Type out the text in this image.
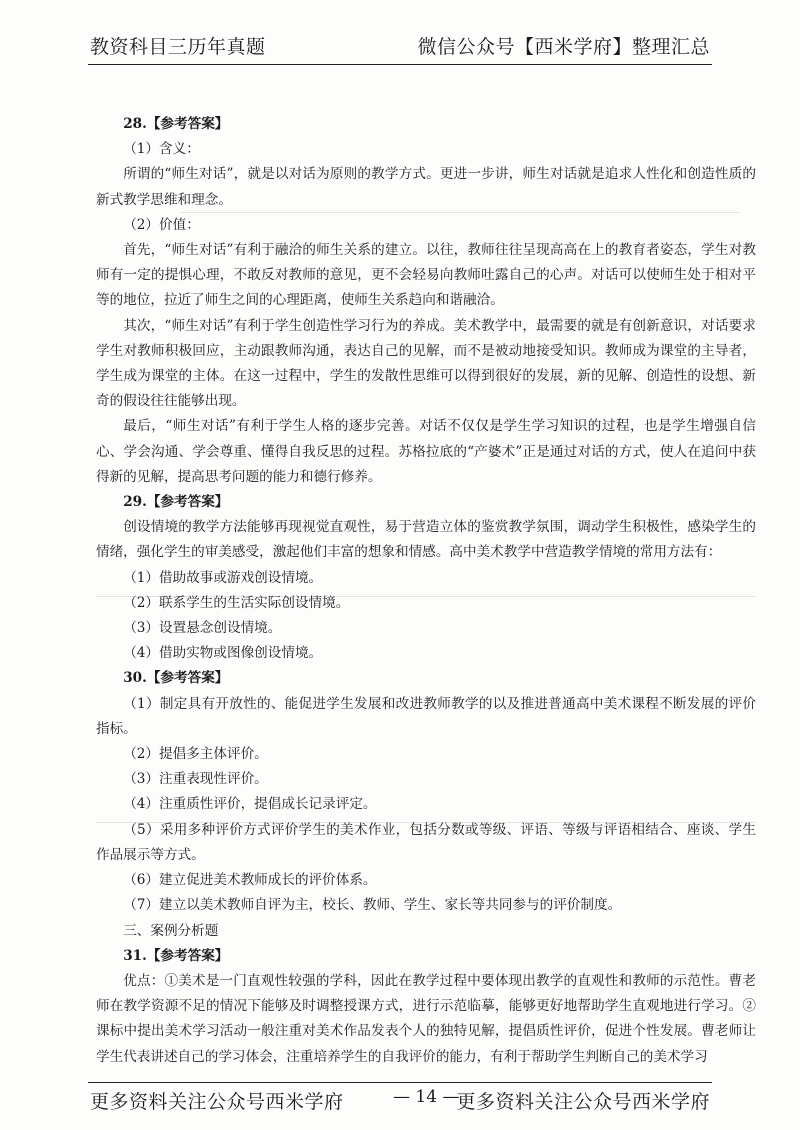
教资科目三历年真题	微信公众号【西米学府】整理汇总

28.【参考答案】

（1）含义：

所谓的“师生对话”，就是以对话为原则的教学方式。更进一步讲，师生对话就是追求人性化和创造性质的新式教学思维和理念。

（2）价值：

首先，“师生对话”有利于融洽的师生关系的建立。以往，教师往往呈现高高在上的教育者姿态，学生对教师有一定的提惧心理，不敢反对教师的意见，更不会轻易向教师吐露自己的心声。对话可以使师生处于相对平等的地位，拉近了师生之间的心理距离，使师生关系趋向和谐融洽。

其次，“师生对话”有利于学生创造性学习行为的养成。美术教学中，最需要的就是有创新意识，对话要求学生对教师积极回应，主动跟教师沟通，表达自己的见解，而不是被动地接受知识。教师成为课堂的主导者，学生成为课堂的主体。在这一过程中，学生的发散性思维可以得到很好的发展，新的见解、创造性的设想、新奇的假设往往能够出现。

最后，“师生对话”有利于学生人格的逐步完善。对话不仅仅是学生学习知识的过程，也是学生增强自信心、学会沟通、学会尊重、懂得自我反思的过程。苏格拉底的“产婆术”正是通过对话的方式，使人在追问中获得新的见解，提高思考问题的能力和德行修养。

29.【参考答案】

创设情境的教学方法能够再现视觉直观性，易于营造立体的鉴赏教学氛围，调动学生积极性，感染学生的情绪，强化学生的审美感受，激起他们丰富的想象和情感。高中美术教学中营造教学情境的常用方法有：

（1）借助故事或游戏创设情境。

（2）联系学生的生活实际创设情境。

（3）设置悬念创设情境。

（4）借助实物或图像创设情境。

30.【参考答案】

（1）制定具有开放性的、能促进学生发展和改进教师教学的以及推进普通高中美术课程不断发展的评价指标。

（2）提倡多主体评价。

（3）注重表现性评价。

（4）注重质性评价，提倡成长记录评定。

（5）采用多种评价方式评价学生的美术作业，包括分数或等级、评语、等级与评语相结合、座谈、学生作品展示等方式。

（6）建立促进美术教师成长的评价体系。

（7）建立以美术教师自评为主，校长、教师、学生、家长等共同参与的评价制度。

三、案例分析题

31.【参考答案】

优点：①美术是一门直观性较强的学科，因此在教学过程中要体现出教学的直观性和教师的示范性。曹老师在教学资源不足的情况下能够及时调整授课方式，进行示范临摹，能够更好地帮助学生直观地进行学习。②课标中提出美术学习活动一般注重对美术作品发表个人的独特见解，提倡质性评价，促进个性发展。曹老师让学生代表讲述自己的学习体会，注重培养学生的自我评价的能力，有利于帮助学生判断自己的美术学习

更多资料关注公众号西米学府	— 14 —
更多资料关注公众号西米学府
